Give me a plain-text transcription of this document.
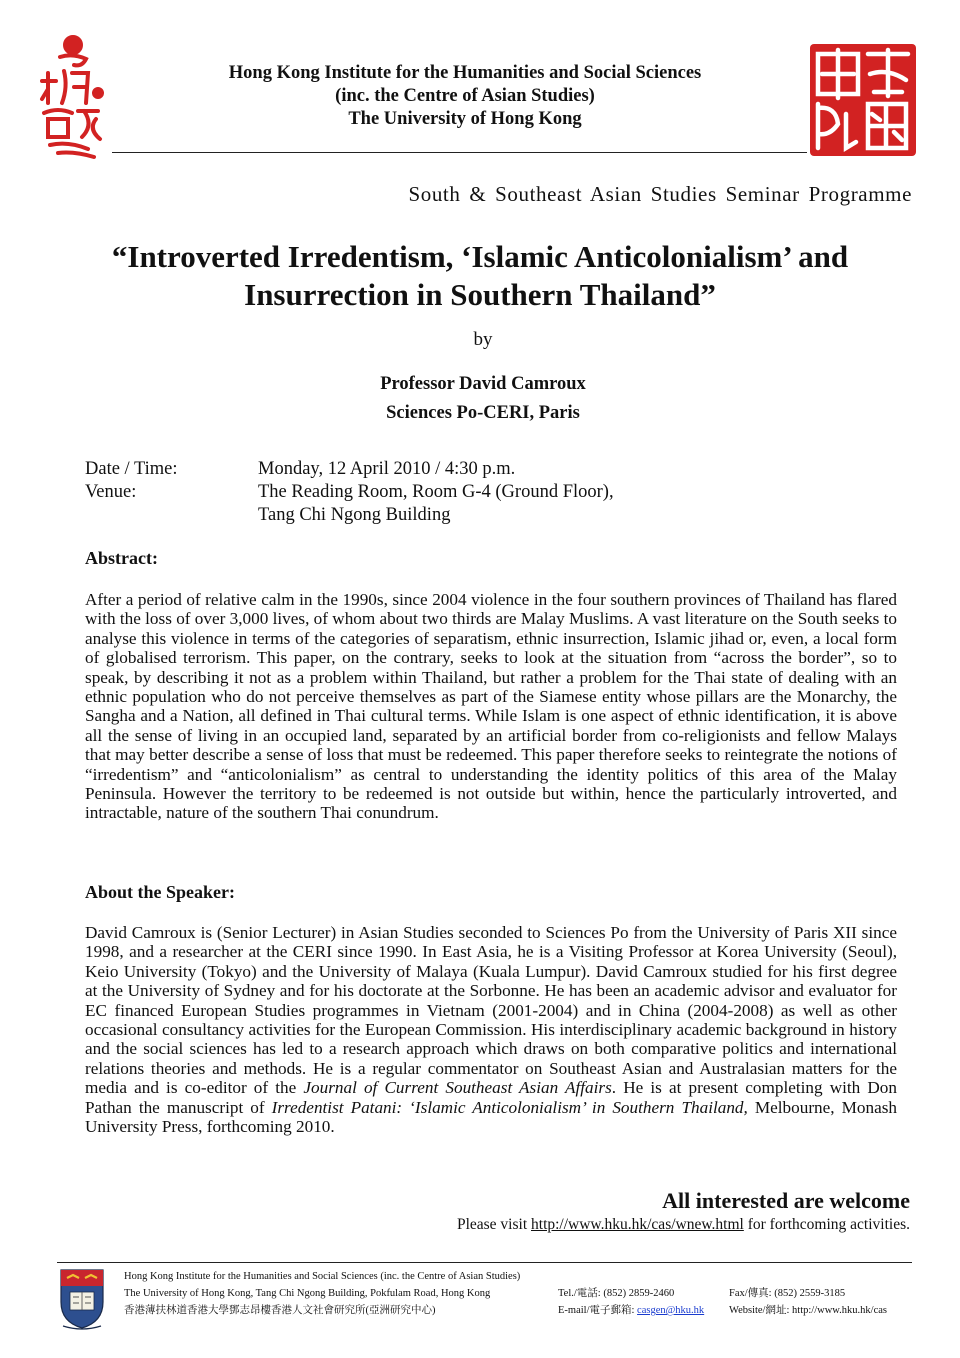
Hong Kong Institute for the Humanities and Social Sciences
(inc. the Centre of Asian Studies)
The University of Hong Kong
South & Southeast Asian Studies Seminar Programme
“Introverted Irredentism, ‘Islamic Anticolonialism’ and
Insurrection in Southern Thailand”
by
Professor David Camroux
Sciences Po-CERI, Paris
Date / Time:	Monday, 12 April 2010 / 4:30 p.m.
Venue:	The Reading Room, Room G-4 (Ground Floor),
Tang Chi Ngong Building
Abstract:
After a period of relative calm in the 1990s, since 2004 violence in the four southern provinces of Thailand has flared with the loss of over 3,000 lives, of whom about two thirds are Malay Muslims. A vast literature on the South seeks to analyse this violence in terms of the categories of separatism, ethnic insurrection, Islamic jihad or, even, a local form of globalised terrorism. This paper, on the contrary, seeks to look at the situation from “across the border”, so to speak, by describing it not as a problem within Thailand, but rather a problem for the Thai state of dealing with an ethnic population who do not perceive themselves as part of the Siamese entity whose pillars are the Monarchy, the Sangha and a Nation, all defined in Thai cultural terms. While Islam is one aspect of ethnic identification, it is above all the sense of living in an occupied land, separated by an artificial border from co-religionists and fellow Malays that may better describe a sense of loss that must be redeemed. This paper therefore seeks to reintegrate the notions of “irredentism” and “anticolonialism” as central to understanding the identity politics of this area of the Malay Peninsula. However the territory to be redeemed is not outside but within, hence the particularly introverted, and intractable, nature of the southern Thai conundrum.
About the Speaker:
David Camroux is (Senior Lecturer) in Asian Studies seconded to Sciences Po from the University of Paris XII since 1998, and a researcher at the CERI since 1990. In East Asia, he is a Visiting Professor at Korea University (Seoul), Keio University (Tokyo) and the University of Malaya (Kuala Lumpur). David Camroux studied for his first degree at the University of Sydney and for his doctorate at the Sorbonne. He has been an academic advisor and evaluator for EC financed European Studies programmes in Vietnam (2001-2004) and in China (2004-2008) as well as other occasional consultancy activities for the European Commission. His interdisciplinary academic background in history and the social sciences has led to a research approach which draws on both comparative politics and international relations theories and methods. He is a regular commentator on Southeast Asian and Australasian matters for the media and is co-editor of the Journal of Current Southeast Asian Affairs. He is at present completing with Don Pathan the manuscript of Irredentist Patani: ‘Islamic Anticolonialism’ in Southern Thailand, Melbourne, Monash University Press, forthcoming 2010.
All interested are welcome
Please visit http://www.hku.hk/cas/wnew.html for forthcoming activities.
Hong Kong Institute for the Humanities and Social Sciences (inc. the Centre of Asian Studies)
The University of Hong Kong, Tang Chi Ngong Building, Pokfulam Road, Hong Kong
香港薄扶林道香港大學鄧志昂樓香港人文社會研究所(亞洲研究中心)

Tel./電話: (852) 2859-2460
E-mail/電子郵箱: casgen@hku.hk

Fax/傳真: (852) 2559-3185
Website/網址: http://www.hku.hk/cas
